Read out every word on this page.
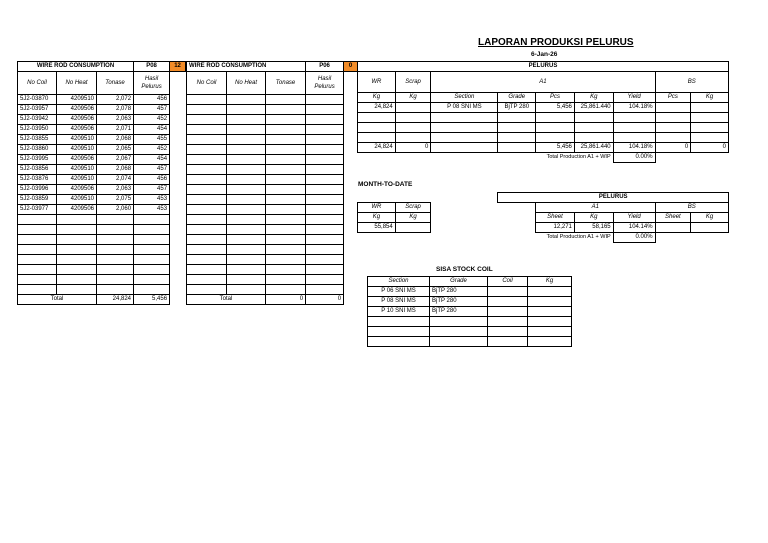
LAPORAN PRODUKSI PELURUS
6-Jan-26
WIRE ROD CONSUMPTION			P08	12
No Coil	No Heat	Tonase	Hasil Pelurus	
5J2-03870	4209510	2,072	456	
5J2-03957	4209506	2,078	457	
5J2-03942	4209506	2,063	452	
5J2-03950	4209506	2,071	454	
5J2-03855	4209510	2,068	455	
5J2-03860	4209510	2,065	452	
5J2-03995	4209506	2,067	454	
5J2-03856	4209510	2,068	457	
5J2-03876	4209510	2,074	456	
5J2-03996	4209506	2,063	457	
5J2-03859	4209510	2,075	453	
5J2-03977	4209506	2,060	453	

Total		24,824	5,456	
WIRE ROD CONSUMPTION			P06	0
No Coil	No Heat	Tonase	Hasil Pelurus	

Total		0	0	
PELURUS								
WR	Scrap	A1					BS	
Kg	Kg	Section	Grade	Pcs	Kg	Yield	Pcs	Kg
24,824		P 08 SNI MS	BjTP 280	5,456	25,861.440	104.18%		

24,824	0			5,456	25,861.440	104.18%	0	0
			Total Production A1 + WIP			0.00%		
MONTH-TO-DATE
			PELURUS					
WR	Scrap			A1			BS	
Kg	Kg			Sheet	Kg	Yield	Sheet	Kg
55,854				12,271	58,165	104.14%		
			Total Production A1 + WIP			0.00%		
SISA STOCK COIL
Section	Grade	Coil	Kg
P 06 SNI MS	BjTP 280		
P 08 SNI MS	BjTP 280		
P 10 SNI MS	BjTP 280		
